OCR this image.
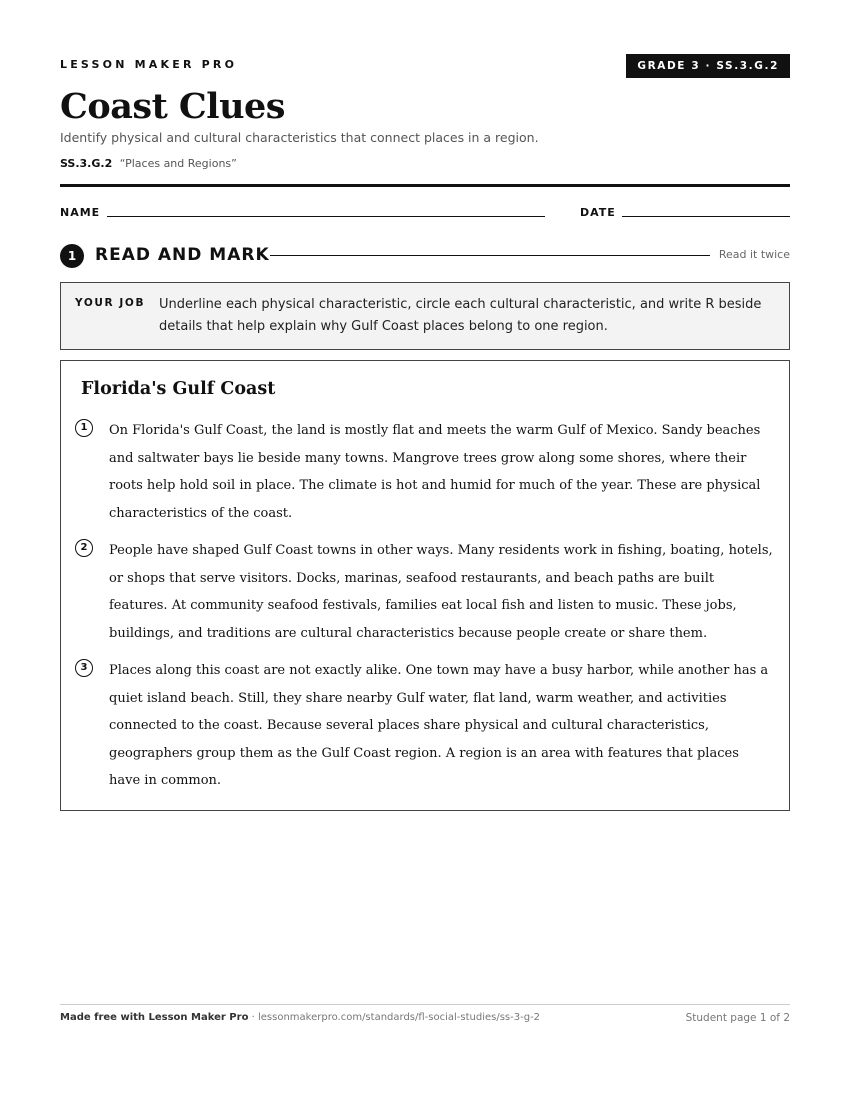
LESSON MAKER PRO	GRADE 3 · SS.3.G.2
Coast Clues
Identify physical and cultural characteristics that connect places in a region.
SS.3.G.2 “Places and Regions”
NAME	DATE
1	READ AND MARK	Read it twice
YOUR JOB Underline each physical characteristic, circle each cultural characteristic, and write R beside details that help explain why Gulf Coast places belong to one region.
Florida's Gulf Coast
1	On Florida's Gulf Coast, the land is mostly flat and meets the warm Gulf of Mexico. Sandy beaches and saltwater bays lie beside many towns. Mangrove trees grow along some shores, where their roots help hold soil in place. The climate is hot and humid for much of the year. These are physical characteristics of the coast.
2	People have shaped Gulf Coast towns in other ways. Many residents work in fishing, boating, hotels, or shops that serve visitors. Docks, marinas, seafood restaurants, and beach paths are built features. At community seafood festivals, families eat local fish and listen to music. These jobs, buildings, and traditions are cultural characteristics because people create or share them.
3	Places along this coast are not exactly alike. One town may have a busy harbor, while another has a quiet island beach. Still, they share nearby Gulf water, flat land, warm weather, and activities connected to the coast. Because several places share physical and cultural characteristics, geographers group them as the Gulf Coast region. A region is an area with features that places have in common.
Made free with Lesson Maker Pro · lessonmakerpro.com/standards/fl-social-studies/ss-3-g-2	Student page 1 of 2
